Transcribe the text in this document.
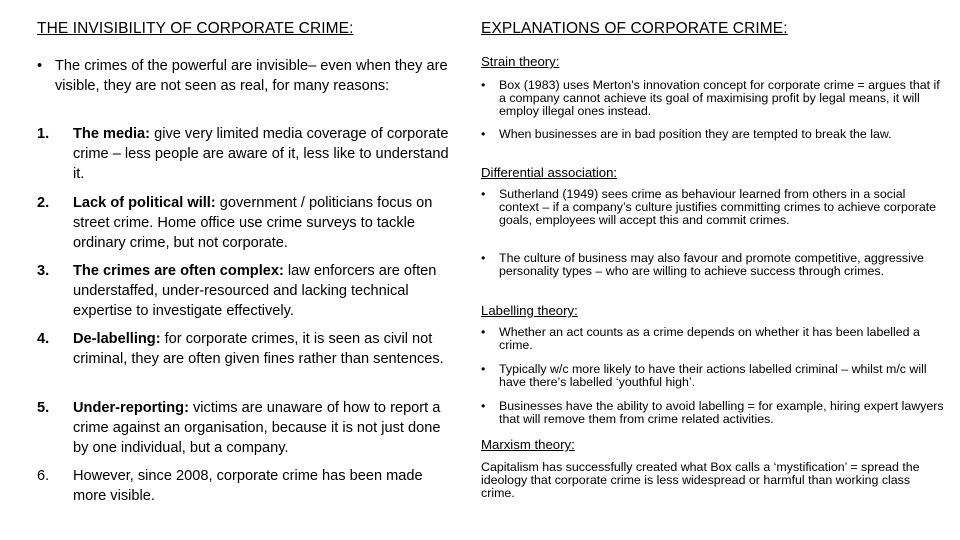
THE INVISIBILITY OF CORPORATE CRIME:
• The crimes of the powerful are invisible– even when they are visible, they are not seen as real, for many reasons:
1. The media: give very limited media coverage of corporate crime – less people are aware of it, less like to understand it.
2. Lack of political will: government / politicians focus on street crime. Home office use crime surveys to tackle ordinary crime, but not corporate.
3. The crimes are often complex: law enforcers are often understaffed, under-resourced and lacking technical expertise to investigate effectively.
4. De-labelling: for corporate crimes, it is seen as civil not criminal, they are often given fines rather than sentences.
5. Under-reporting: victims are unaware of how to report a crime against an organisation, because it is not just done by one individual, but a company.
6. However, since 2008, corporate crime has been made more visible.
EXPLANATIONS OF CORPORATE CRIME:
Strain theory:
• Box (1983) uses Merton's innovation concept for corporate crime = argues that if a company cannot achieve its goal of maximising profit by legal means, it will employ illegal ones instead.
• When businesses are in bad position they are tempted to break the law.
Differential association:
• Sutherland (1949) sees crime as behaviour learned from others in a social context – if a company’s culture justifies committing crimes to achieve corporate goals, employees will accept this and commit crimes.
• The culture of business may also favour and promote competitive, aggressive personality types – who are willing to achieve success through crimes.
Labelling theory:
• Whether an act counts as a crime depends on whether it has been labelled a crime.
• Typically w/c more likely to have their actions labelled criminal – whilst m/c will have there’s labelled ‘youthful high’.
• Businesses have the ability to avoid labelling = for example, hiring expert lawyers that will remove them from crime related activities.
Marxism theory:
Capitalism has successfully created what Box calls a ‘mystification’ = spread the ideology that corporate crime is less widespread or harmful than working class crime.
